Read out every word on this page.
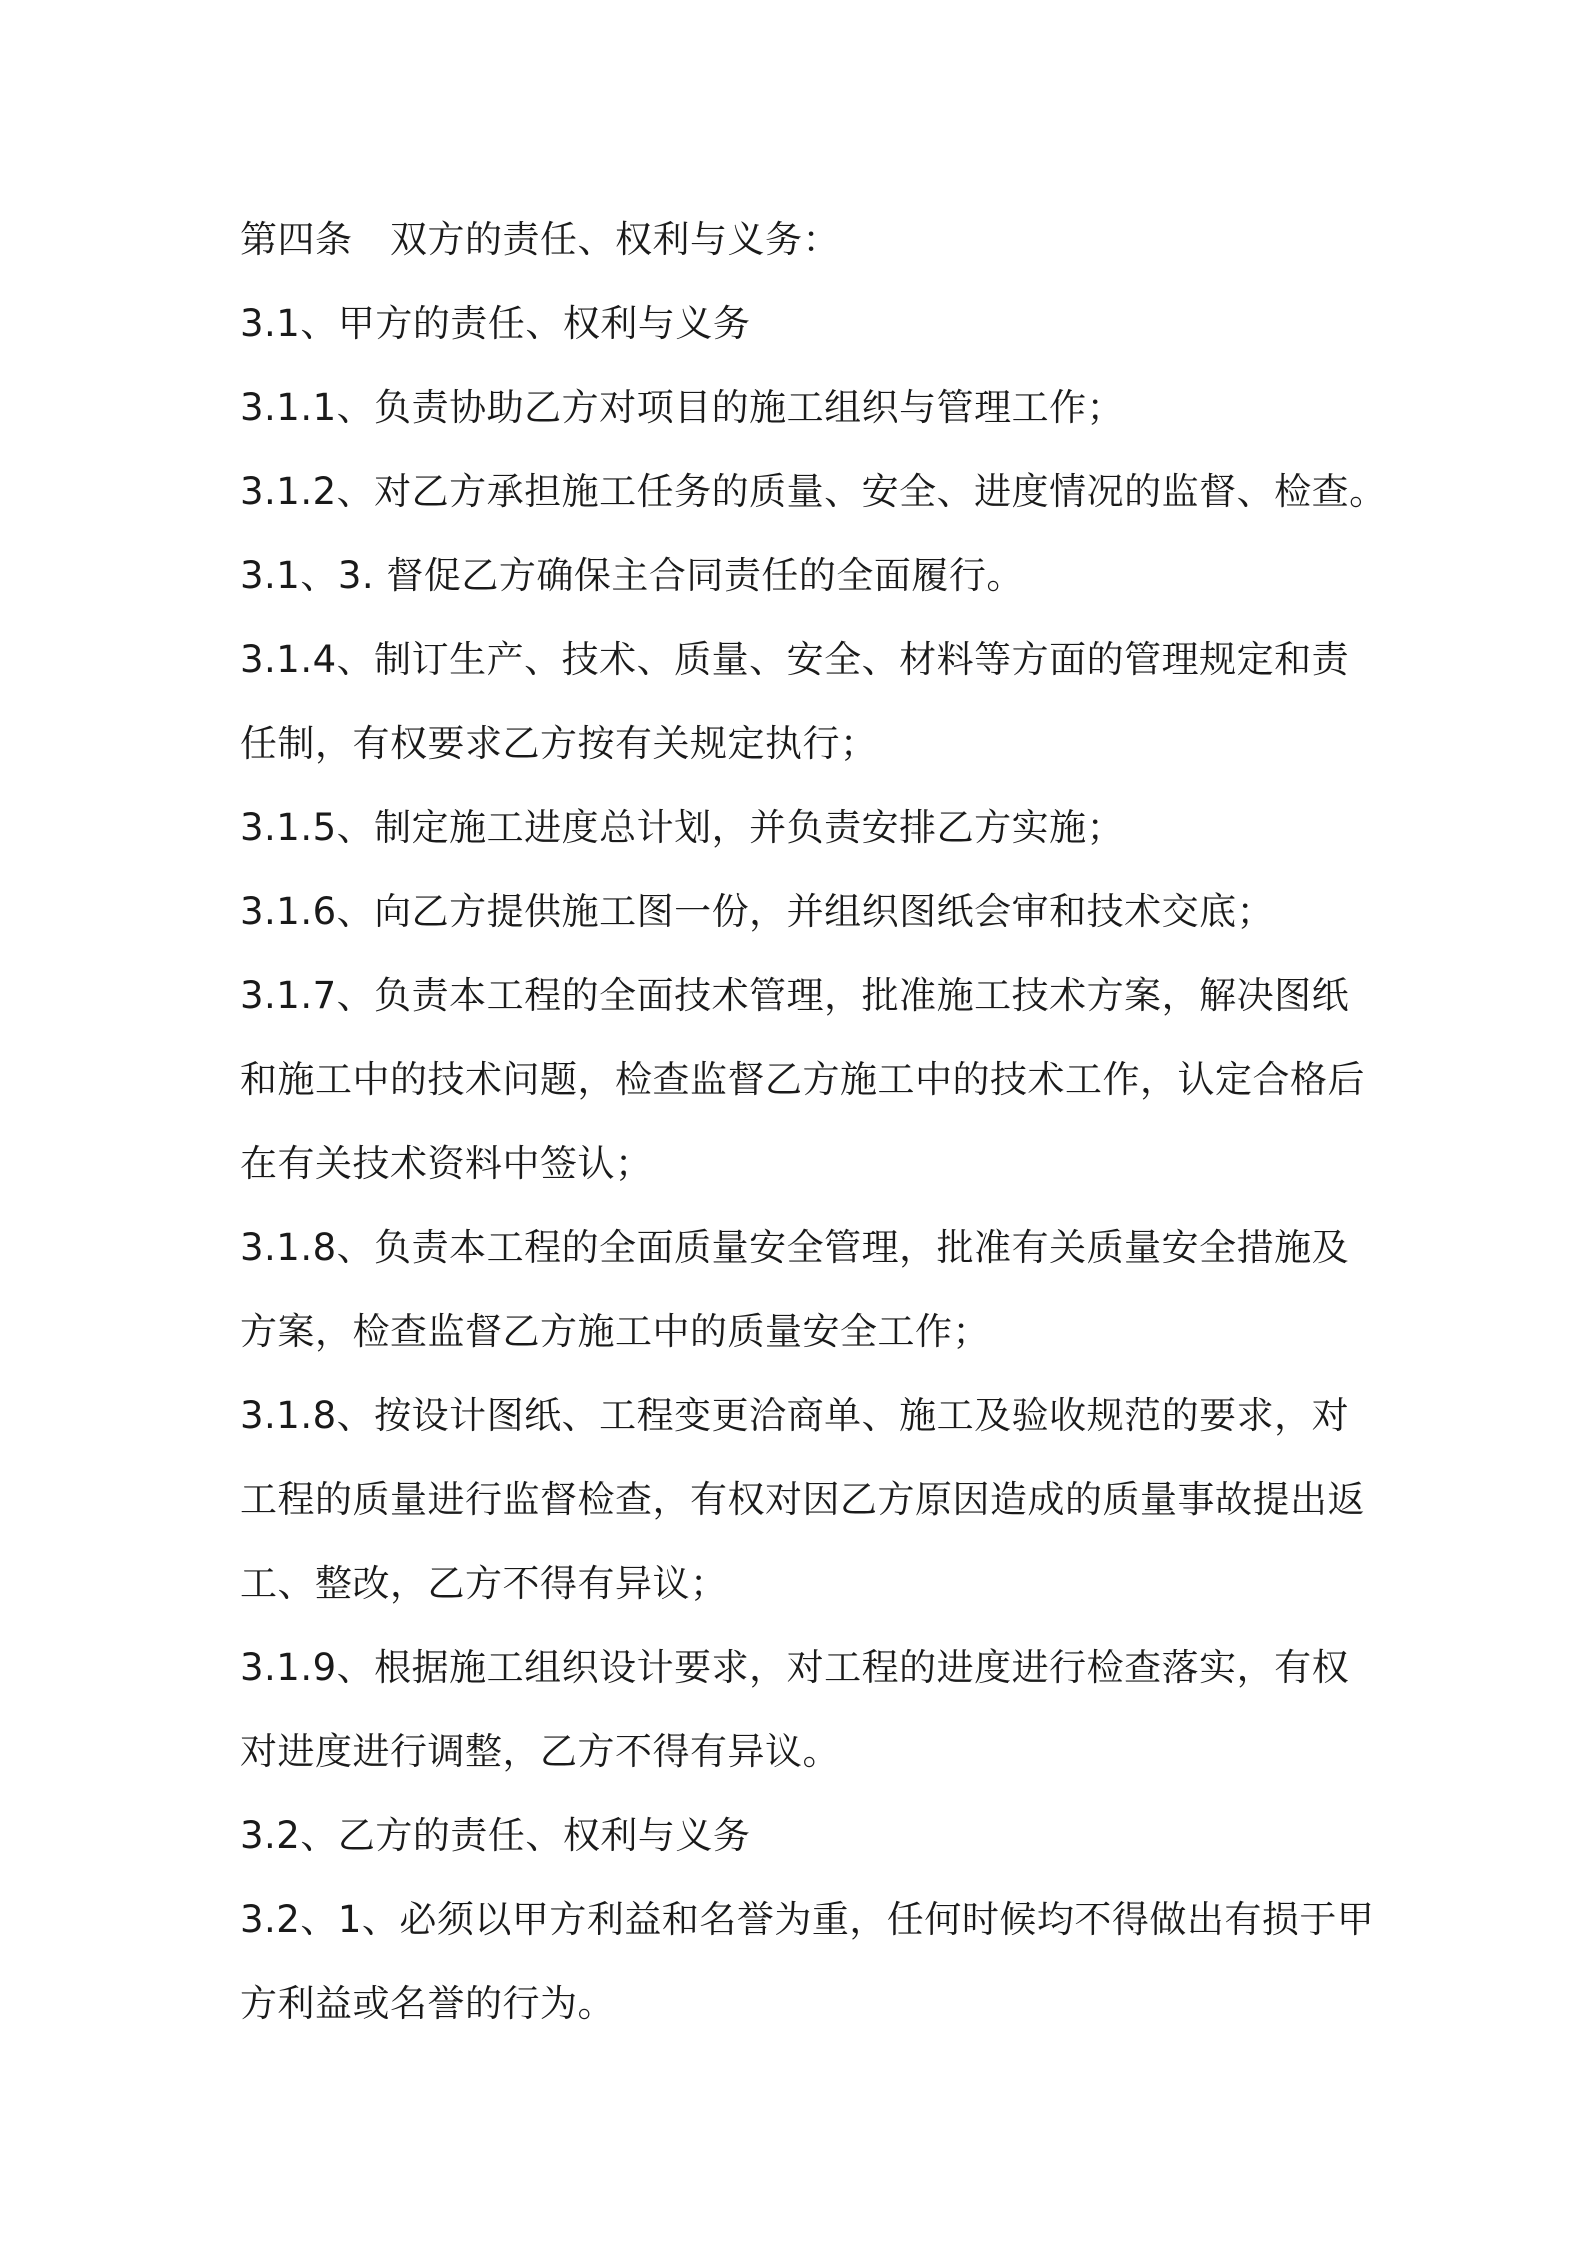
第四条　双方的责任、权利与义务：
3.1、甲方的责任、权利与义务
3.1.1、负责协助乙方对项目的施工组织与管理工作；
3.1.2、对乙方承担施工任务的质量、安全、进度情况的监督、检查。
3.1、3. 督促乙方确保主合同责任的全面履行。
3.1.4、制订生产、技术、质量、安全、材料等方面的管理规定和责
任制，有权要求乙方按有关规定执行；
3.1.5、制定施工进度总计划，并负责安排乙方实施；
3.1.6、向乙方提供施工图一份，并组织图纸会审和技术交底；
3.1.7、负责本工程的全面技术管理，批准施工技术方案，解决图纸
和施工中的技术问题，检查监督乙方施工中的技术工作，认定合格后
在有关技术资料中签认；
3.1.8、负责本工程的全面质量安全管理，批准有关质量安全措施及
方案，检查监督乙方施工中的质量安全工作；
3.1.8、按设计图纸、工程变更洽商单、施工及验收规范的要求，对
工程的质量进行监督检查，有权对因乙方原因造成的质量事故提出返
工、整改，乙方不得有异议；
3.1.9、根据施工组织设计要求，对工程的进度进行检查落实，有权
对进度进行调整，乙方不得有异议。
3.2、乙方的责任、权利与义务
3.2、1、必须以甲方利益和名誉为重，任何时候均不得做出有损于甲
方利益或名誉的行为。
